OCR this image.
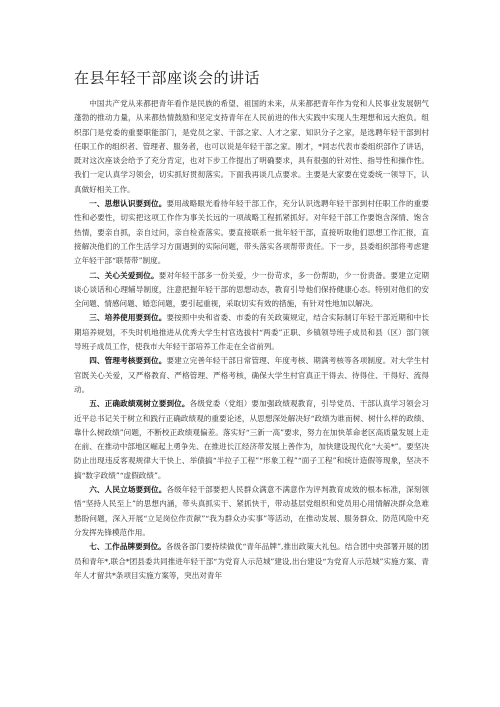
在县年轻干部座谈会的讲话

中国共产党从来都把青年看作是民族的希望、祖国的未来，从来都把青年作为党和人民事业发展朝气蓬勃的推动力量，从来都热情鼓励和坚定支持青年在人民前进的伟大实践中实现人生理想和远大抱负。组织部门是党委的重要职能部门，是党员之家、干部之家、人才之家、知识分子之家，是选聘年轻干部到村任职工作的组织者、管理者、服务者，也可以说是年轻干部之家。刚才，*同志代表市委组织部作了讲话，既对这次座谈会给予了充分肯定，也对下步工作提出了明确要求，具有很强的针对性、指导性和操作性。我们一定认真学习领会，切实抓好贯彻落实。下面我再谈几点要求。主要是大家要在党委统一领导下，认真做好相关工作。

一、思想认识要到位。要用战略眼光看待年轻干部工作，充分认识选聘年轻干部到村任职工作的重要性和必要性，切实把这项工作作为事关长远的一项战略工程抓紧抓好。对年轻干部工作要饱含深情、饱含热情，要亲自抓，亲自过问，亲自检查落实。要直接联系一批年轻干部，直接听取他们思想工作汇报，直接解决他们的工作生活学习方面遇到的实际问题，带头落实各项帮带责任。下一步，县委组织部将考虑建立年轻干部“联帮带”制度。

二、关心关爱到位。要对年轻干部多一份关爱，少一份苛求，多一份帮助，少一份责备。要建立定期谈心谈话和心理辅导制度，注意把握年轻干部的思想动态，教育引导他们保持健康心态。特别对他们的安全问题、情感问题、婚恋问题，要引起重视，采取切实有效的措施，有针对性地加以解决。

三、培养使用要到位。要按照中央和省委、市委的有关政策规定，结合实际制订年轻干部近期和中长期培养规划，不失时机地推进从优秀大学生村官选拔村“两委”正职、乡镇领导班子成员和县（区）部门领导班子成员工作，使我市大年轻干部培养工作走在全省前列。

四、管理考核要到位。要建立完善年轻干部日常管理、年度考核、期满考核等各项制度。对大学生村官既关心关爱，又严格教育、严格管理、严格考核，确保大学生村官真正干得去、待得住、干得好、流得动。

五、正确政绩观树立要到位。各级党委（党组）要加强政绩观教育，引导党员、干部认真学习领会习近平总书记关于树立和践行正确政绩观的重要论述，从思想深处解决好“政绩为谁而树、树什么样的政绩、靠什么树政绩”问题，不断校正政绩观偏差。落实好“三新一高”要求，努力在加快革命老区高质量发展上走在前、在推动中部地区崛起上勇争先、在推进长江经济带发展上善作为，加快建设现代化“大美*”。要坚决防止出现违反客观规律大干快上、举债搞“半拉子工程”“形象工程”“面子工程”和统计造假等现象，坚决不搞“数字政绩”“虚假政绩”。

六、人民立场要到位。各级年轻干部要把人民群众满意不满意作为评判教育成效的根本标准，深刻领悟“坚持人民至上”的思想内涵，带头真抓实干、紧抓快干，带动基层党组织和党员用心用情解决群众急难愁盼问题，深入开展“立足岗位作贡献”“我为群众办实事”等活动，在推动发展、服务群众、防范风险中充分发挥先锋模范作用。

七、工作品牌要到位。各级各部门要持续做优“青年品牌”,推出政策大礼包。结合团中央部署开展的团员和青年*,联合*团县委共同推进年轻干部“为党育人示范城”建设,出台建设“为党育人示范城”实施方案、青年人才留共*条项目实施方案等，突出对青年
